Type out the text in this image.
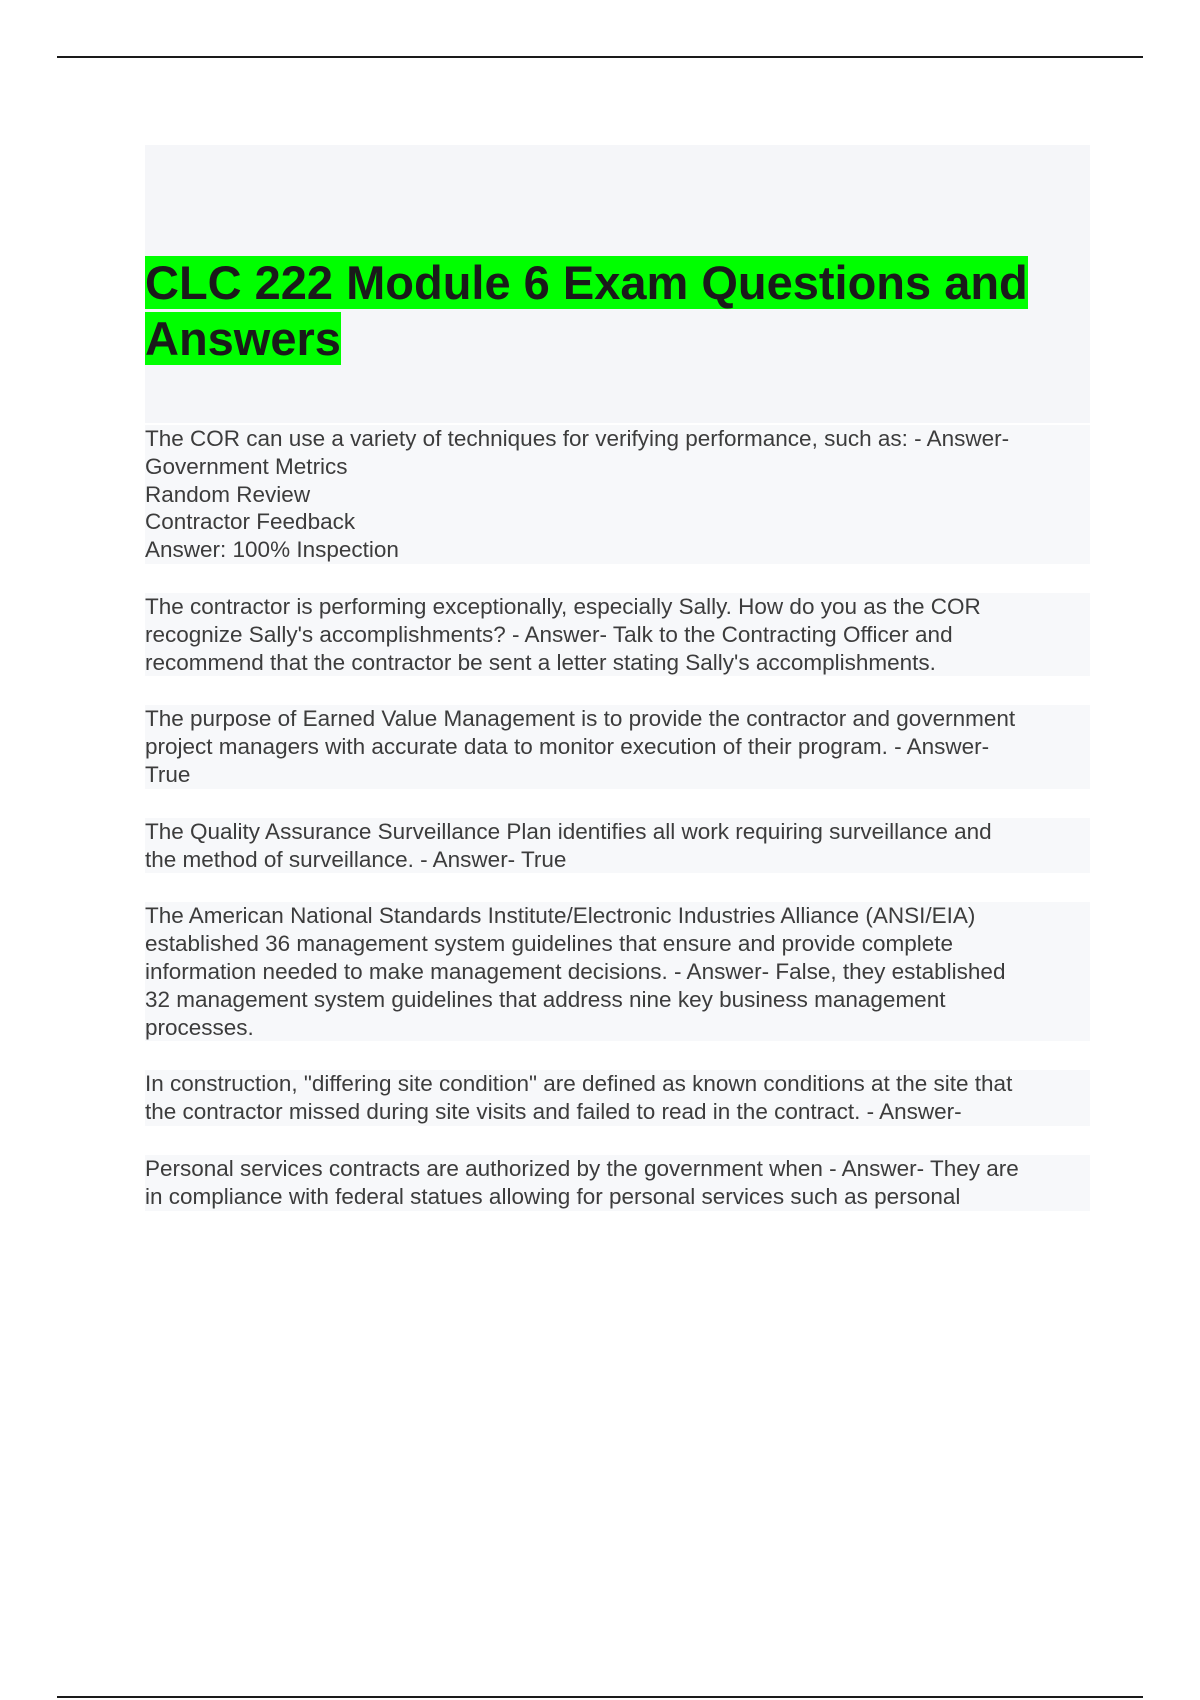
CLC 222 Module 6 Exam Questions and Answers

The COR can use a variety of techniques for verifying performance, such as: - Answer-
Government Metrics
Random Review
Contractor Feedback
Answer: 100% Inspection

The contractor is performing exceptionally, especially Sally. How do you as the COR
recognize Sally's accomplishments? - Answer- Talk to the Contracting Officer and
recommend that the contractor be sent a letter stating Sally's accomplishments.

The purpose of Earned Value Management is to provide the contractor and government
project managers with accurate data to monitor execution of their program. - Answer-
True

The Quality Assurance Surveillance Plan identifies all work requiring surveillance and
the method of surveillance. - Answer- True

The American National Standards Institute/Electronic Industries Alliance (ANSI/EIA)
established 36 management system guidelines that ensure and provide complete
information needed to make management decisions. - Answer- False, they established
32 management system guidelines that address nine key business management
processes.

In construction, "differing site condition" are defined as known conditions at the site that
the contractor missed during site visits and failed to read in the contract. - Answer-

Personal services contracts are authorized by the government when - Answer- They are
in compliance with federal statues allowing for personal services such as personal
